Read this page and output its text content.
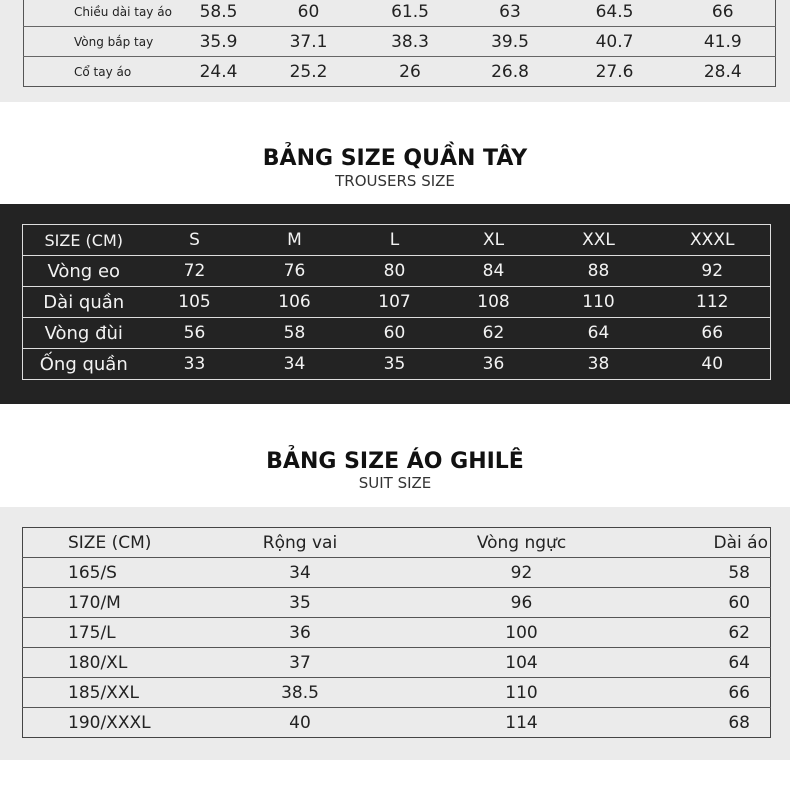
Chiều dài tay áo	58.5	60	61.5	63	64.5	66
Vòng bắp tay	35.9	37.1	38.3	39.5	40.7	41.9
Cổ tay áo	24.4	25.2	26	26.8	27.6	28.4
BẢNG SIZE QUẦN TÂY
TROUSERS SIZE
SIZE (CM)	S	M	L	XL	XXL	XXXL
Vòng eo	72	76	80	84	88	92
Dài quần	105	106	107	108	110	112
Vòng đùi	56	58	60	62	64	66
Ống quần	33	34	35	36	38	40
BẢNG SIZE ÁO GHILÊ
SUIT SIZE
SIZE (CM)	Rộng vai	Vòng ngực	Dài áo
165/S	34	92	58
170/M	35	96	60
175/L	36	100	62
180/XL	37	104	64
185/XXL	38.5	110	66
190/XXXL	40	114	68
